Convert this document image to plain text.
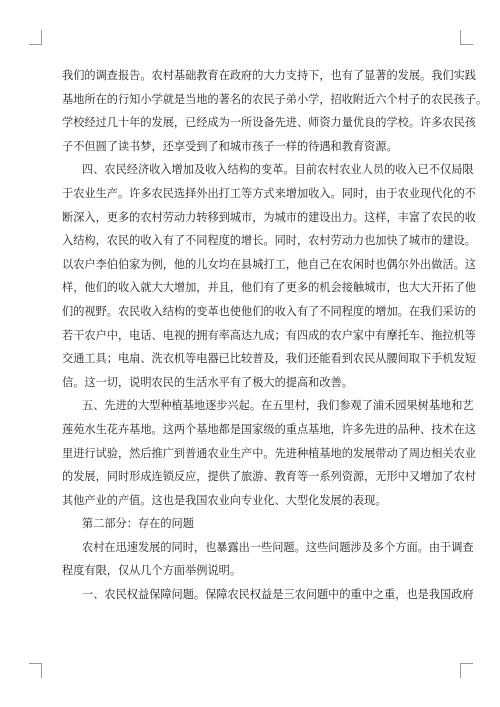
我们的调查报告。农村基础教育在政府的大力支持下，也有了显著的发展。我们实践
基地所在的行知小学就是当地的著名的农民子弟小学，招收附近六个村子的农民孩子。
学校经过几十年的发展，已经成为一所设备先进、师资力量优良的学校。许多农民孩
子不但圆了读书梦，还享受到了和城市孩子一样的待遇和教育资源。
四、农民经济收入增加及收入结构的变革。目前农村农业人员的收入已不仅局限
于农业生产。许多农民选择外出打工等方式来增加收入。同时，由于农业现代化的不
断深入，更多的农村劳动力转移到城市，为城市的建设出力。这样，丰富了农民的收
入结构，农民的收入有了不同程度的增长。同时，农村劳动力也加快了城市的建设。
以农户李伯伯家为例，他的儿女均在县城打工，他自己在农闲时也偶尔外出做活。这
样，他们的收入就大大增加，并且，他们有了更多的机会接触城市，也大大开拓了他
们的视野。农民收入结构的变革也使他们的收入有了不同程度的增加。在我们采访的
若干农户中，电话、电视的拥有率高达九成；有四成的农户家中有摩托车、拖拉机等
交通工具；电扇、洗衣机等电器已比较普及，我们还能看到农民从腰间取下手机发短
信。这一切，说明农民的生活水平有了极大的提高和改善。
五、先进的大型种植基地逐步兴起。在五里村，我们参观了浦禾园果树基地和艺
莲苑水生花卉基地。这两个基地都是国家级的重点基地，许多先进的品种、技术在这
里进行试验，然后推广到普通农业生产中。先进种植基地的发展带动了周边相关农业
的发展，同时形成连锁反应，提供了旅游、教育等一系列资源，无形中又增加了农村
其他产业的产值。这也是我国农业向专业化、大型化发展的表现。
第二部分：存在的问题
农村在迅速发展的同时，也暴露出一些问题。这些问题涉及多个方面。由于调查
程度有限，仅从几个方面举例说明。
一、农民权益保障问题。保障农民权益是三农问题中的重中之重，也是我国政府
